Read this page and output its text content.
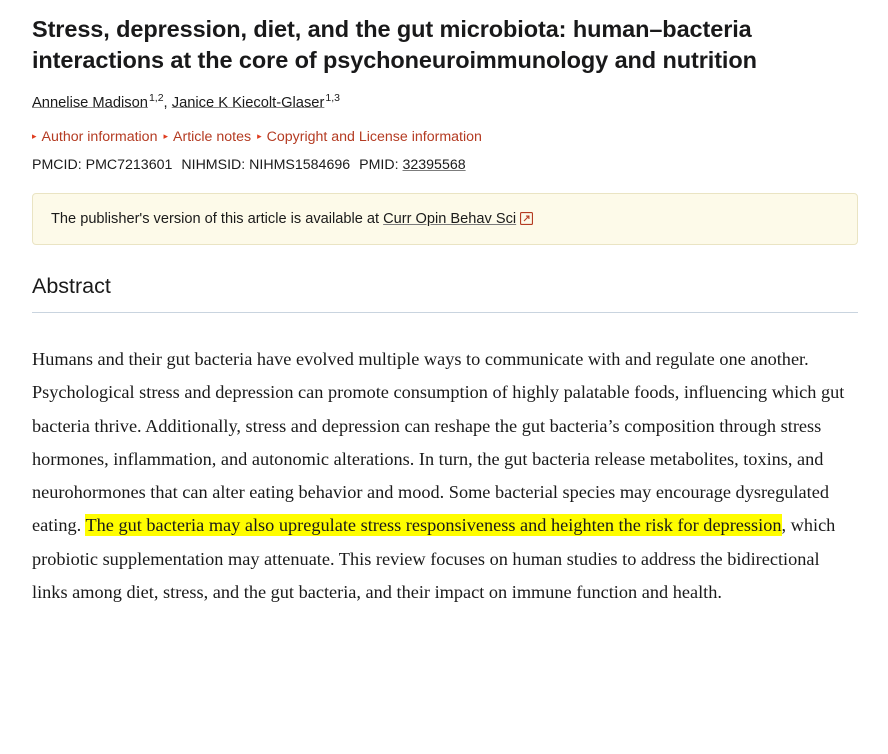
Stress, depression, diet, and the gut microbiota: human–bacteria interactions at the core of psychoneuroimmunology and nutrition
Annelise Madison$^{1,2}$, Janice K Kiecolt-Glaser$^{1,3}$
▸ Author information ▸ Article notes ▸ Copyright and License information
PMCID: PMC7213601 NIHMSID: NIHMS1584696 PMID: 32395568
The publisher's version of this article is available at Curr Opin Behav Sci
Abstract

Humans and their gut bacteria have evolved multiple ways to communicate with and regulate one another. Psychological stress and depression can promote consumption of highly palatable foods, influencing which gut bacteria thrive. Additionally, stress and depression can reshape the gut bacteria’s composition through stress hormones, inflammation, and autonomic alterations. In turn, the gut bacteria release metabolites, toxins, and neurohormones that can alter eating behavior and mood. Some bacterial species may encourage dysregulated eating. The gut bacteria may also upregulate stress responsiveness and heighten the risk for depression, which probiotic supplementation may attenuate. This review focuses on human studies to address the bidirectional links among diet, stress, and the gut bacteria, and their impact on immune function and health.
